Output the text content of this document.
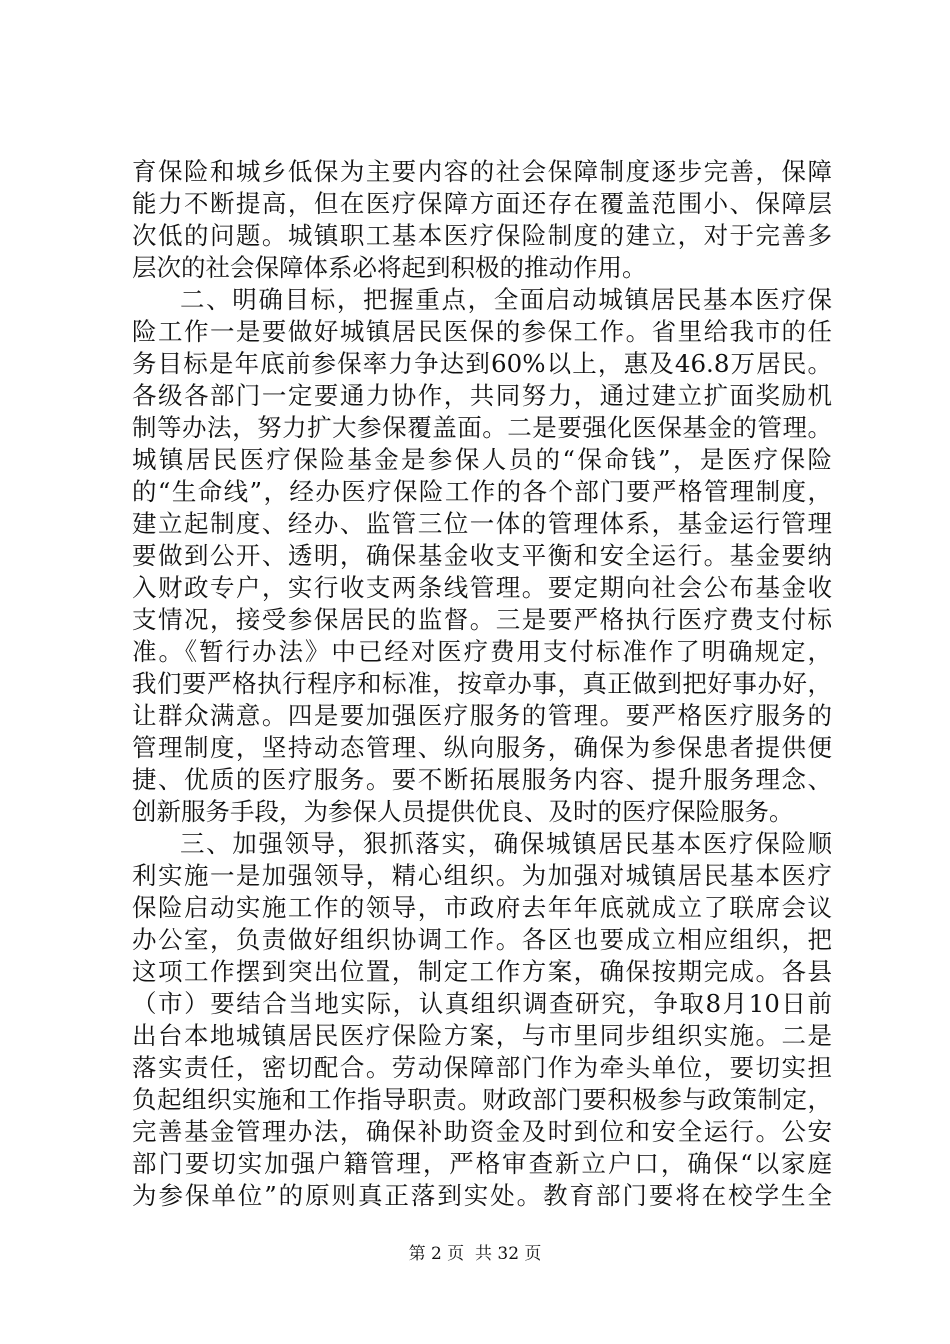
育保险和城乡低保为主要内容的社会保障制度逐步完善，保障
能力不断提高，但在医疗保障方面还存在覆盖范围小、保障层
次低的问题。城镇职工基本医疗保险制度的建立，对于完善多
层次的社会保障体系必将起到积极的推动作用。
二、明确目标，把握重点，全面启动城镇居民基本医疗保
险工作一是要做好城镇居民医保的参保工作。省里给我市的任
务目标是年底前参保率力争达到60%以上，惠及46.8万居民。
各级各部门一定要通力协作，共同努力，通过建立扩面奖励机
制等办法，努力扩大参保覆盖面。二是要强化医保基金的管理。
城镇居民医疗保险基金是参保人员的“保命钱”，是医疗保险
的“生命线”，经办医疗保险工作的各个部门要严格管理制度，
建立起制度、经办、监管三位一体的管理体系，基金运行管理
要做到公开、透明，确保基金收支平衡和安全运行。基金要纳
入财政专户，实行收支两条线管理。要定期向社会公布基金收
支情况，接受参保居民的监督。三是要严格执行医疗费支付标
准。《暂行办法》中已经对医疗费用支付标准作了明确规定，
我们要严格执行程序和标准，按章办事，真正做到把好事办好，
让群众满意。四是要加强医疗服务的管理。要严格医疗服务的
管理制度，坚持动态管理、纵向服务，确保为参保患者提供便
捷、优质的医疗服务。要不断拓展服务内容、提升服务理念、
创新服务手段，为参保人员提供优良、及时的医疗保险服务。
三、加强领导，狠抓落实，确保城镇居民基本医疗保险顺
利实施一是加强领导，精心组织。为加强对城镇居民基本医疗
保险启动实施工作的领导，市政府去年年底就成立了联席会议
办公室，负责做好组织协调工作。各区也要成立相应组织，把
这项工作摆到突出位置，制定工作方案，确保按期完成。各县
（市）要结合当地实际，认真组织调查研究，争取8月10日前
出台本地城镇居民医疗保险方案，与市里同步组织实施。二是
落实责任，密切配合。劳动保障部门作为牵头单位，要切实担
负起组织实施和工作指导职责。财政部门要积极参与政策制定，
完善基金管理办法，确保补助资金及时到位和安全运行。公安
部门要切实加强户籍管理，严格审查新立户口，确保“以家庭
为参保单位”的原则真正落到实处。教育部门要将在校学生全
第 2 页  共 32 页
